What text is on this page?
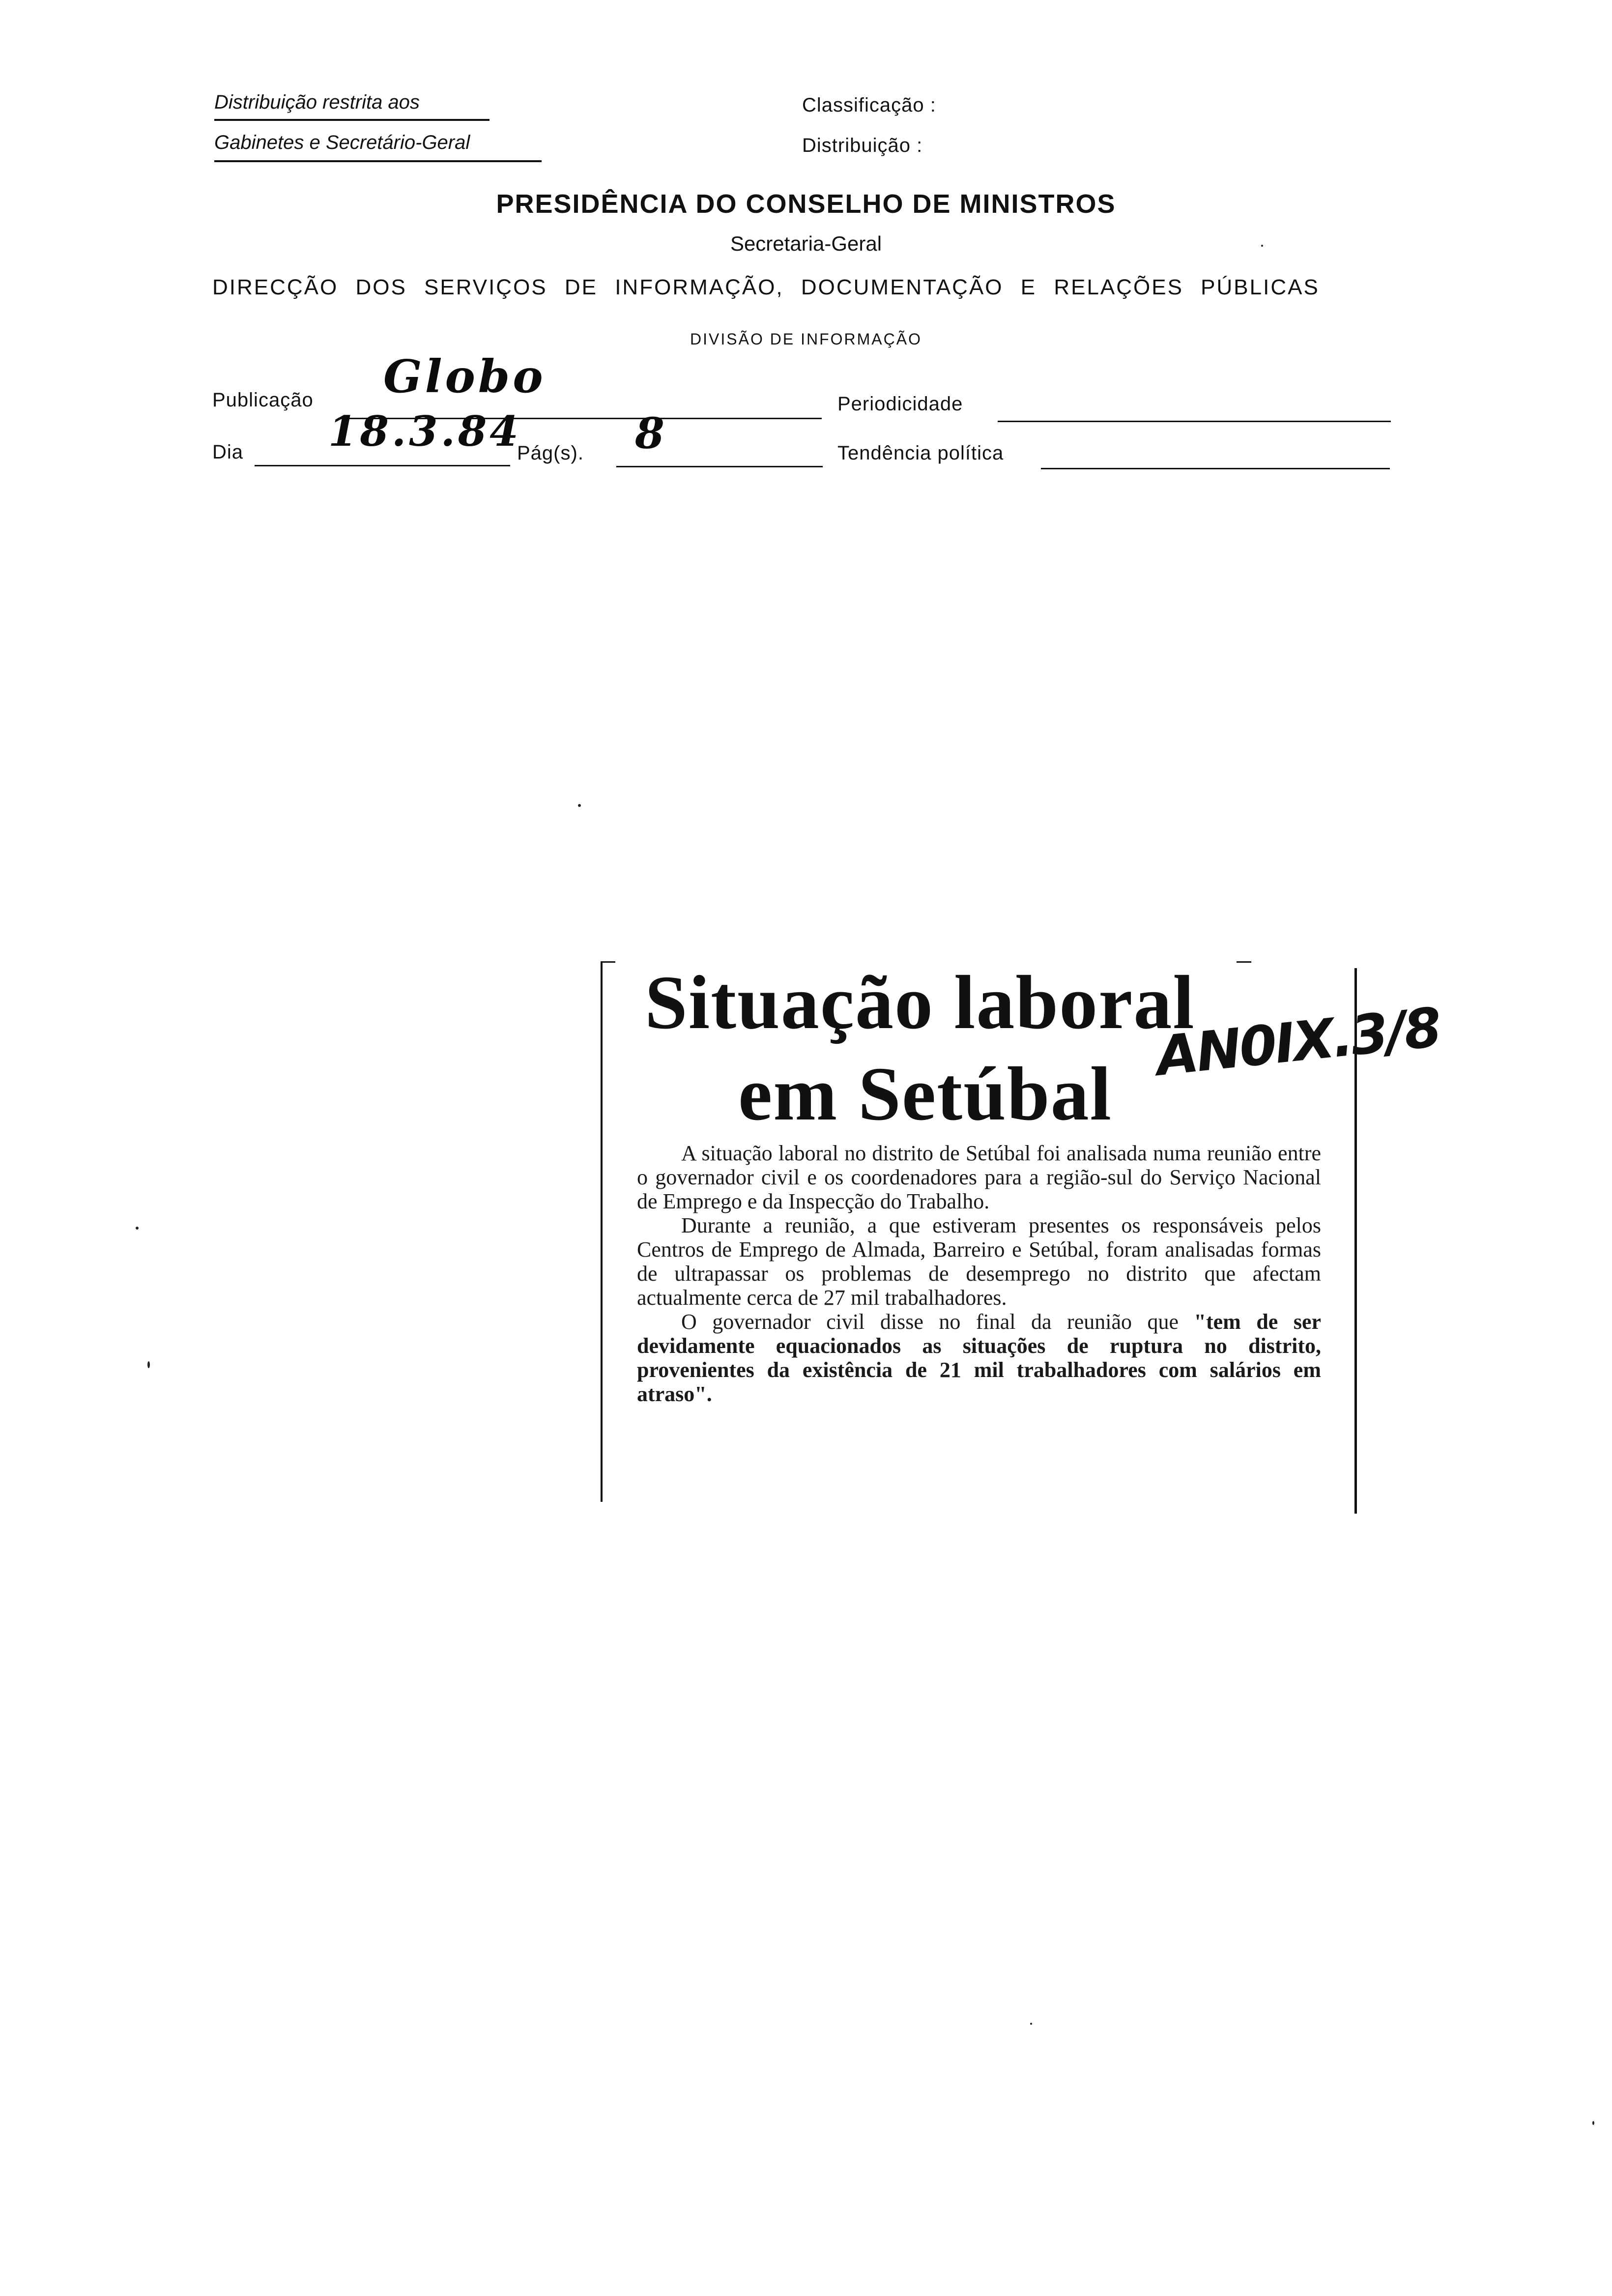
Distribuição restrita aos
Gabinetes e Secretário-Geral
Classificação :
Distribuição :
PRESIDÊNCIA DO CONSELHO DE MINISTROS
Secretaria-Geral
DIRECÇÃO DOS SERVIÇOS DE INFORMAÇÃO, DOCUMENTAÇÃO E RELAÇÕES PÚBLICAS
DIVISÃO DE INFORMAÇÃO
Publicação Globo
Periodicidade
Dia 18.3.84
Pág(s). 8	Tendência política
Situação laboral
em Setúbal
AN0IX.3/8

A situação laboral no distrito de Setúbal foi analisada numa reunião entre o governador civil e os coordenadores para a região-sul do Serviço Nacional de Emprego e da Inspecção do Trabalho.

Durante a reunião, a que estiveram presentes os responsáveis pelos Centros de Emprego de Almada, Barreiro e Setúbal, foram analisadas formas de ultrapassar os problemas de desemprego no distrito que afectam actualmente cerca de 27 mil trabalhadores.

O governador civil disse no final da reunião que "tem de ser devidamente equacionados as situações de ruptura no distrito, provenientes da existência de 21 mil trabalhadores com salários em atraso".
